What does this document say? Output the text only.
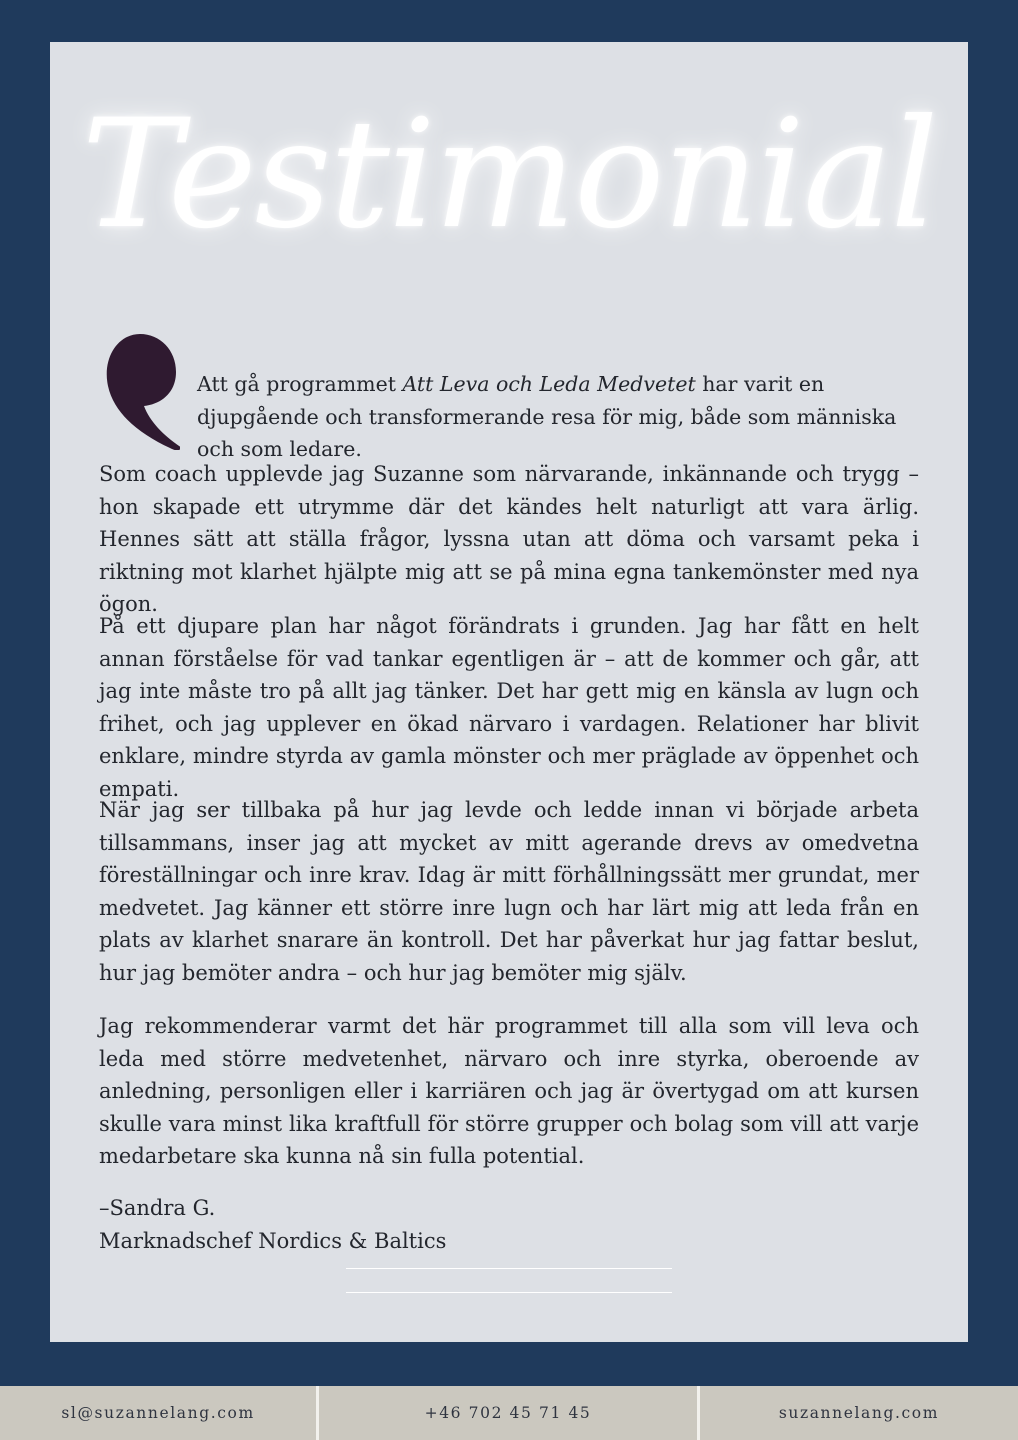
Testimonial

Att gå programmet Att Leva och Leda Medvetet har varit en djupgående och transformerande resa för mig, både som människa och som ledare.

Som coach upplevde jag Suzanne som närvarande, inkännande och trygg – hon skapade ett utrymme där det kändes helt naturligt att vara ärlig. Hennes sätt att ställa frågor, lyssna utan att döma och varsamt peka i riktning mot klarhet hjälpte mig att se på mina egna tankemönster med nya ögon.

På ett djupare plan har något förändrats i grunden. Jag har fått en helt annan förståelse för vad tankar egentligen är – att de kommer och går, att jag inte måste tro på allt jag tänker. Det har gett mig en känsla av lugn och frihet, och jag upplever en ökad närvaro i vardagen. Relationer har blivit enklare, mindre styrda av gamla mönster och mer präglade av öppenhet och empati.

När jag ser tillbaka på hur jag levde och ledde innan vi började arbeta tillsammans, inser jag att mycket av mitt agerande drevs av omedvetna föreställningar och inre krav. Idag är mitt förhållningssätt mer grundat, mer medvetet. Jag känner ett större inre lugn och har lärt mig att leda från en plats av klarhet snarare än kontroll. Det har påverkat hur jag fattar beslut, hur jag bemöter andra – och hur jag bemöter mig själv.

Jag rekommenderar varmt det här programmet till alla som vill leva och leda med större medvetenhet, närvaro och inre styrka, oberoende av anledning, personligen eller i karriären och jag är övertygad om att kursen skulle vara minst lika kraftfull för större grupper och bolag som vill att varje medarbetare ska kunna nå sin fulla potential.

–Sandra G.
Marknadschef Nordics & Baltics
sl@suzannelang.com	+46 702 45 71 45	suzannelang.com
